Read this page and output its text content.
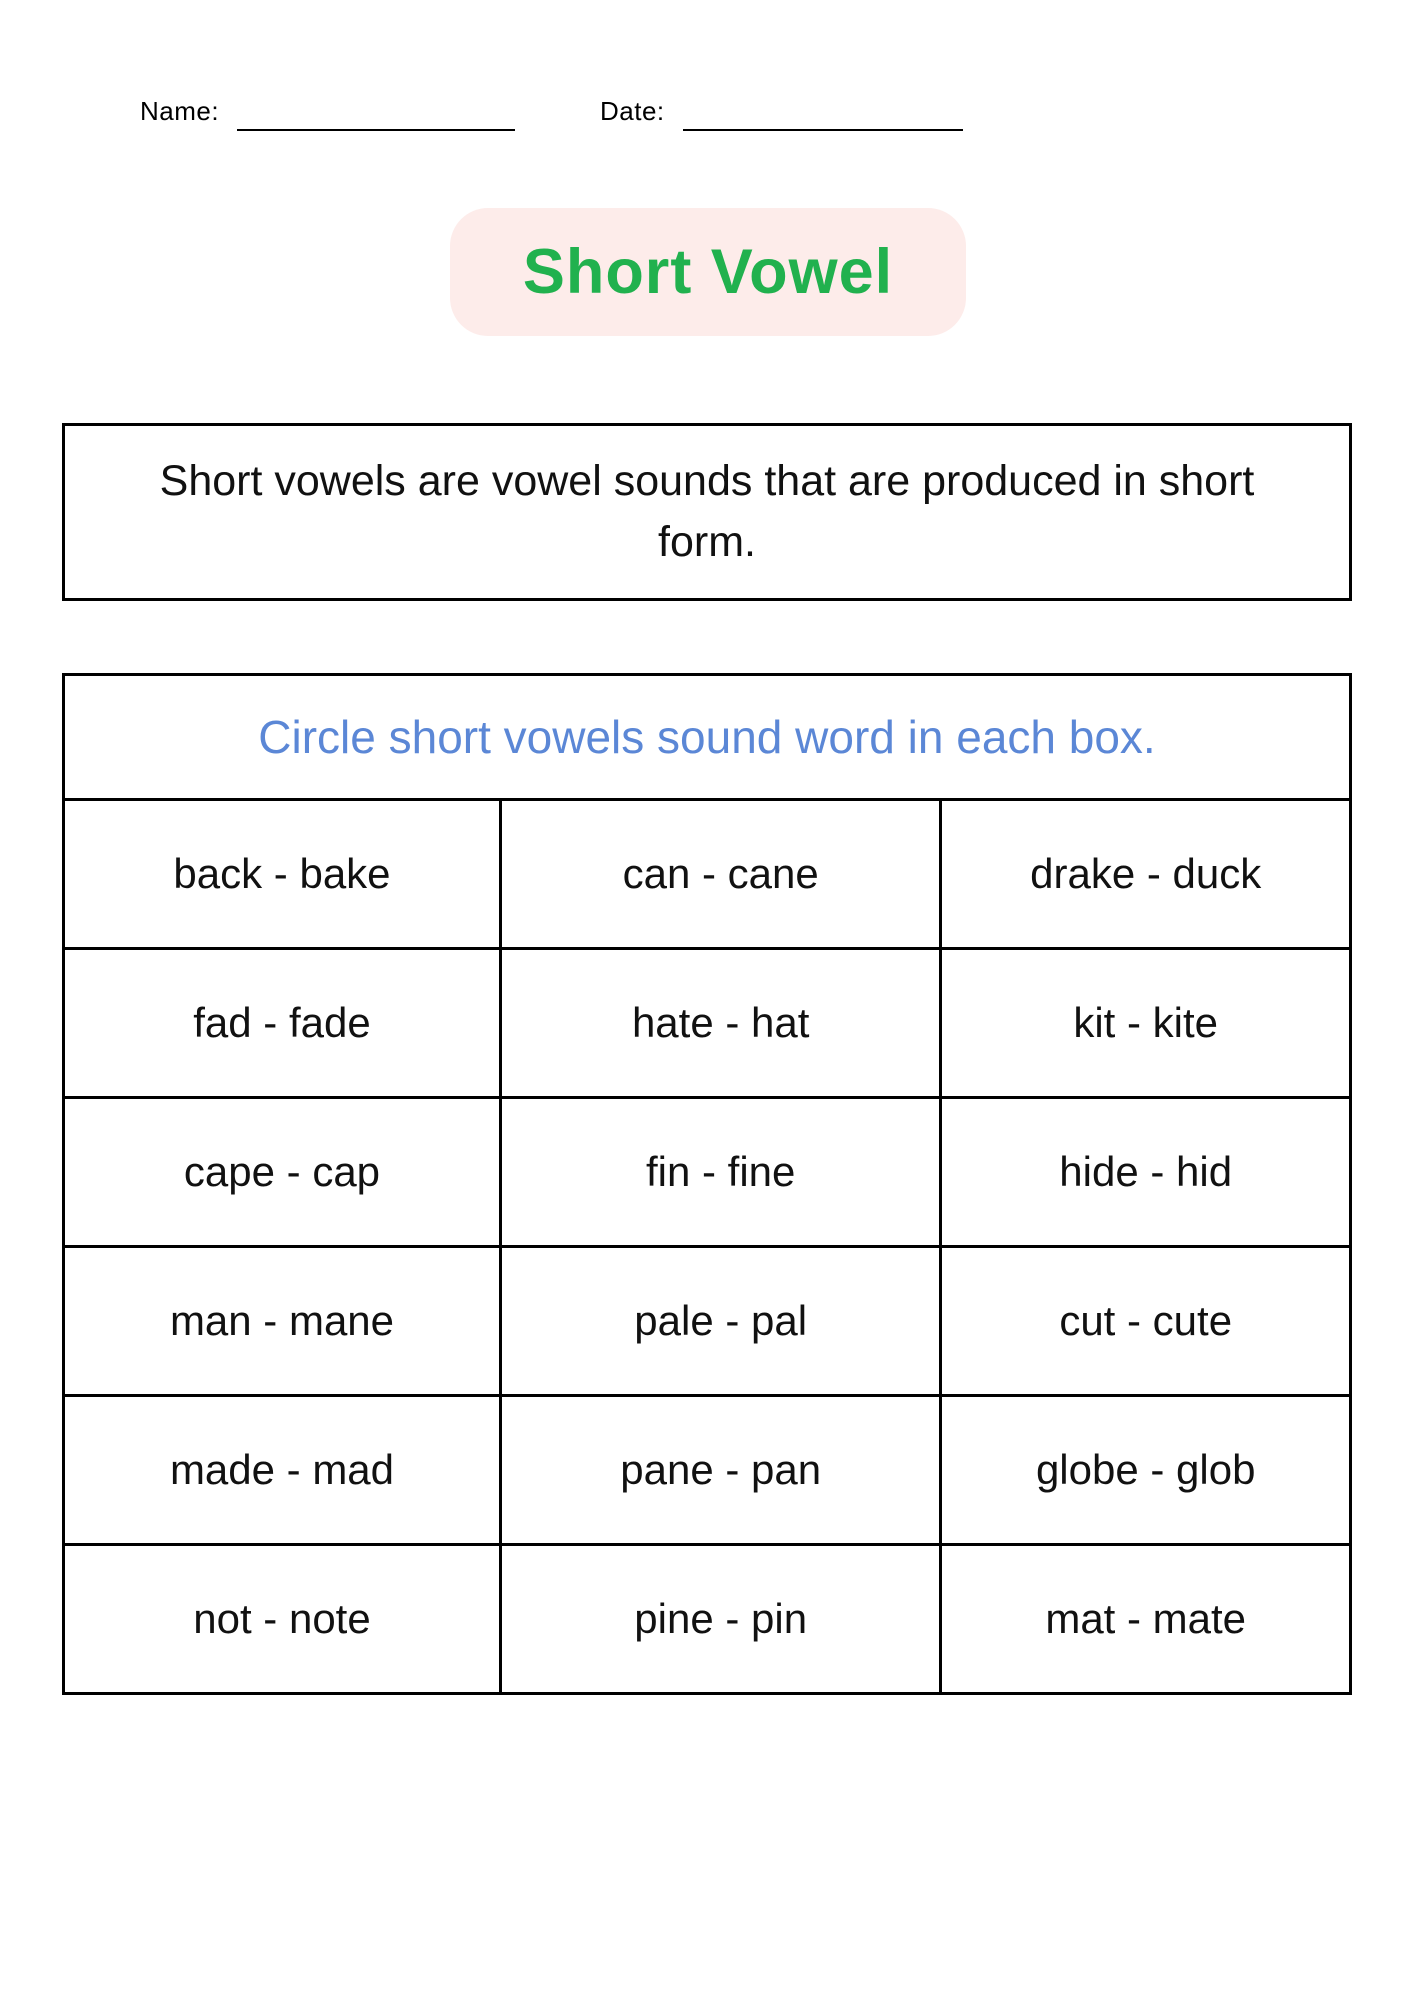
Name:	Date:
Short Vowel

Short vowels are vowel sounds that are produced in short form.

Circle short vowels sound word in each box.
back - bake	can - cane	drake - duck
fad - fade	hate - hat	kit - kite
cape - cap	fin - fine	hide - hid
man - mane	pale - pal	cut - cute
made - mad	pane - pan	globe - glob
not - note	pine - pin	mat - mate
